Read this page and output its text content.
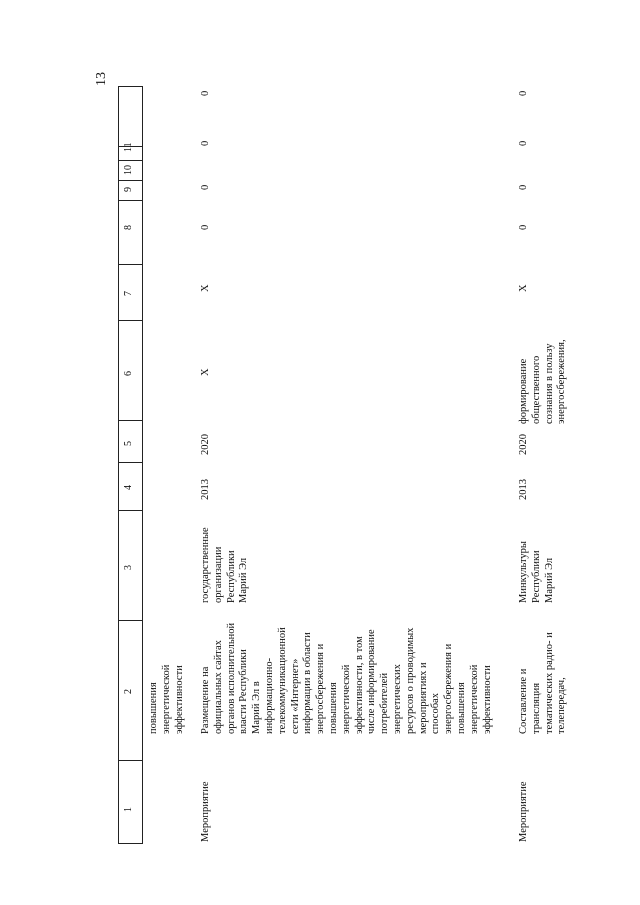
13
1
2
3
4
5
6
7
8
9
10
11
повышения энергетической эффективности
Мероприятие
Размещение на официальных сайтах органов исполнительной власти Республики Марий Эл в информационно- телекоммуникационной сети «Интернет» информации в области энергосбережения и повышения энергетической эффективности, в том числе информирование потребителей энергетических ресурсов о проводимых мероприятиях и способах энергосбережения и повышения энергетической эффективности
государственные организации Республики Марий Эл
2013
2020
X
X
0
0
0
0
Мероприятие
Составление и трансляция тематических радио- и телепередач,
Минкультуры Республики Марий Эл
2013
2020
формирование общественного сознания в пользу энергосбережения,
X
0
0
0
0
